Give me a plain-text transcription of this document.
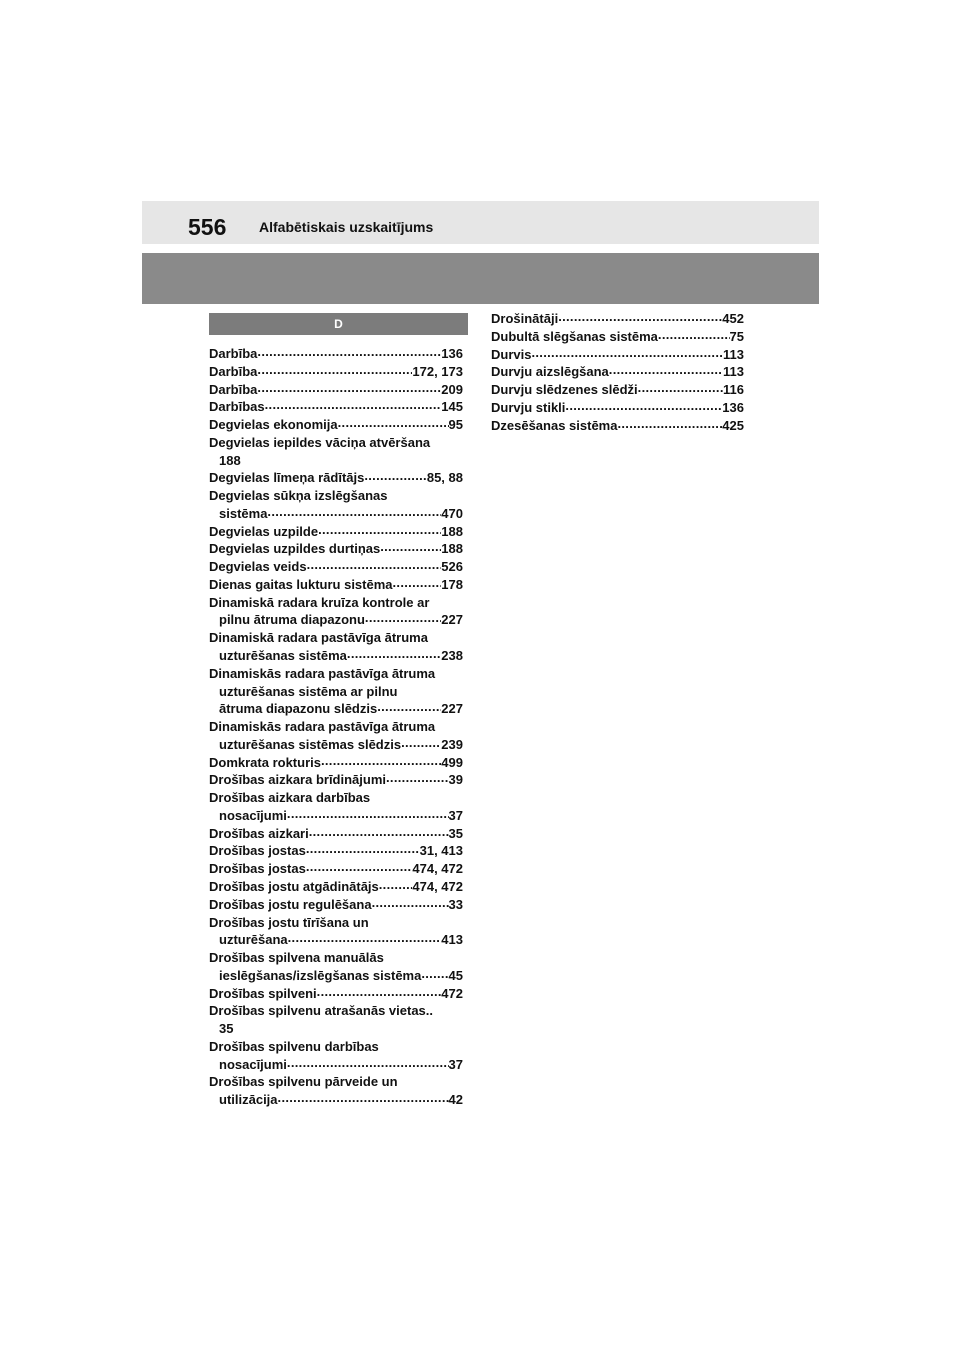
556 Alfabētiskais uzskaitījums
D
Darbība .....	136
Darbība .....	172, 173
Darbība .....	209
Darbības .....	145
Degvielas ekonomija .....	95
Degvielas iepildes vāciņa atvēršana
188
Degvielas līmeņa rādītājs .....	85, 88
Degvielas sūkņa izslēgšanas
sistēma .....	470
Degvielas uzpilde .....	188
Degvielas uzpildes durtiņas .....	188
Degvielas veids .....	526
Dienas gaitas lukturu sistēma .....	178
Dinamiskā radara kruīza kontrole ar
pilnu ātruma diapazonu .....	227
Dinamiskā radara pastāvīga ātruma
uzturēšanas sistēma .....	238
Dinamiskās radara pastāvīga ātruma
uzturēšanas sistēma ar pilnu
ātruma diapazonu slēdzis .....	227
Dinamiskās radara pastāvīga ātruma
uzturēšanas sistēmas slēdzis .....	239
Domkrata rokturis .....	499
Drošības aizkara brīdinājumi .....	39
Drošības aizkara darbības
nosacījumi .....	37
Drošības aizkari .....	35
Drošības jostas .....	31, 413
Drošības jostas .....	474, 472
Drošības jostu atgādinātājs .....	474, 472
Drošības jostu regulēšana .....	33
Drošības jostu tīrīšana un
uzturēšana .....	413
Drošības spilvena manuālās
ieslēgšanas/izslēgšanas sistēma ..... 45
Drošības spilveni .....	472
Drošības spilvenu atrašanās vietas..
35
Drošības spilvenu darbības
nosacījumi .....	37
Drošības spilvenu pārveide un
utilizācija .....	42
Drošinātāji .....	452
Dubultā slēgšanas sistēma .....	75
Durvis .....	113
Durvju aizslēgšana .....	113
Durvju slēdzenes slēdži .....	116
Durvju stikli .....	136
Dzesēšanas sistēma .....	425
